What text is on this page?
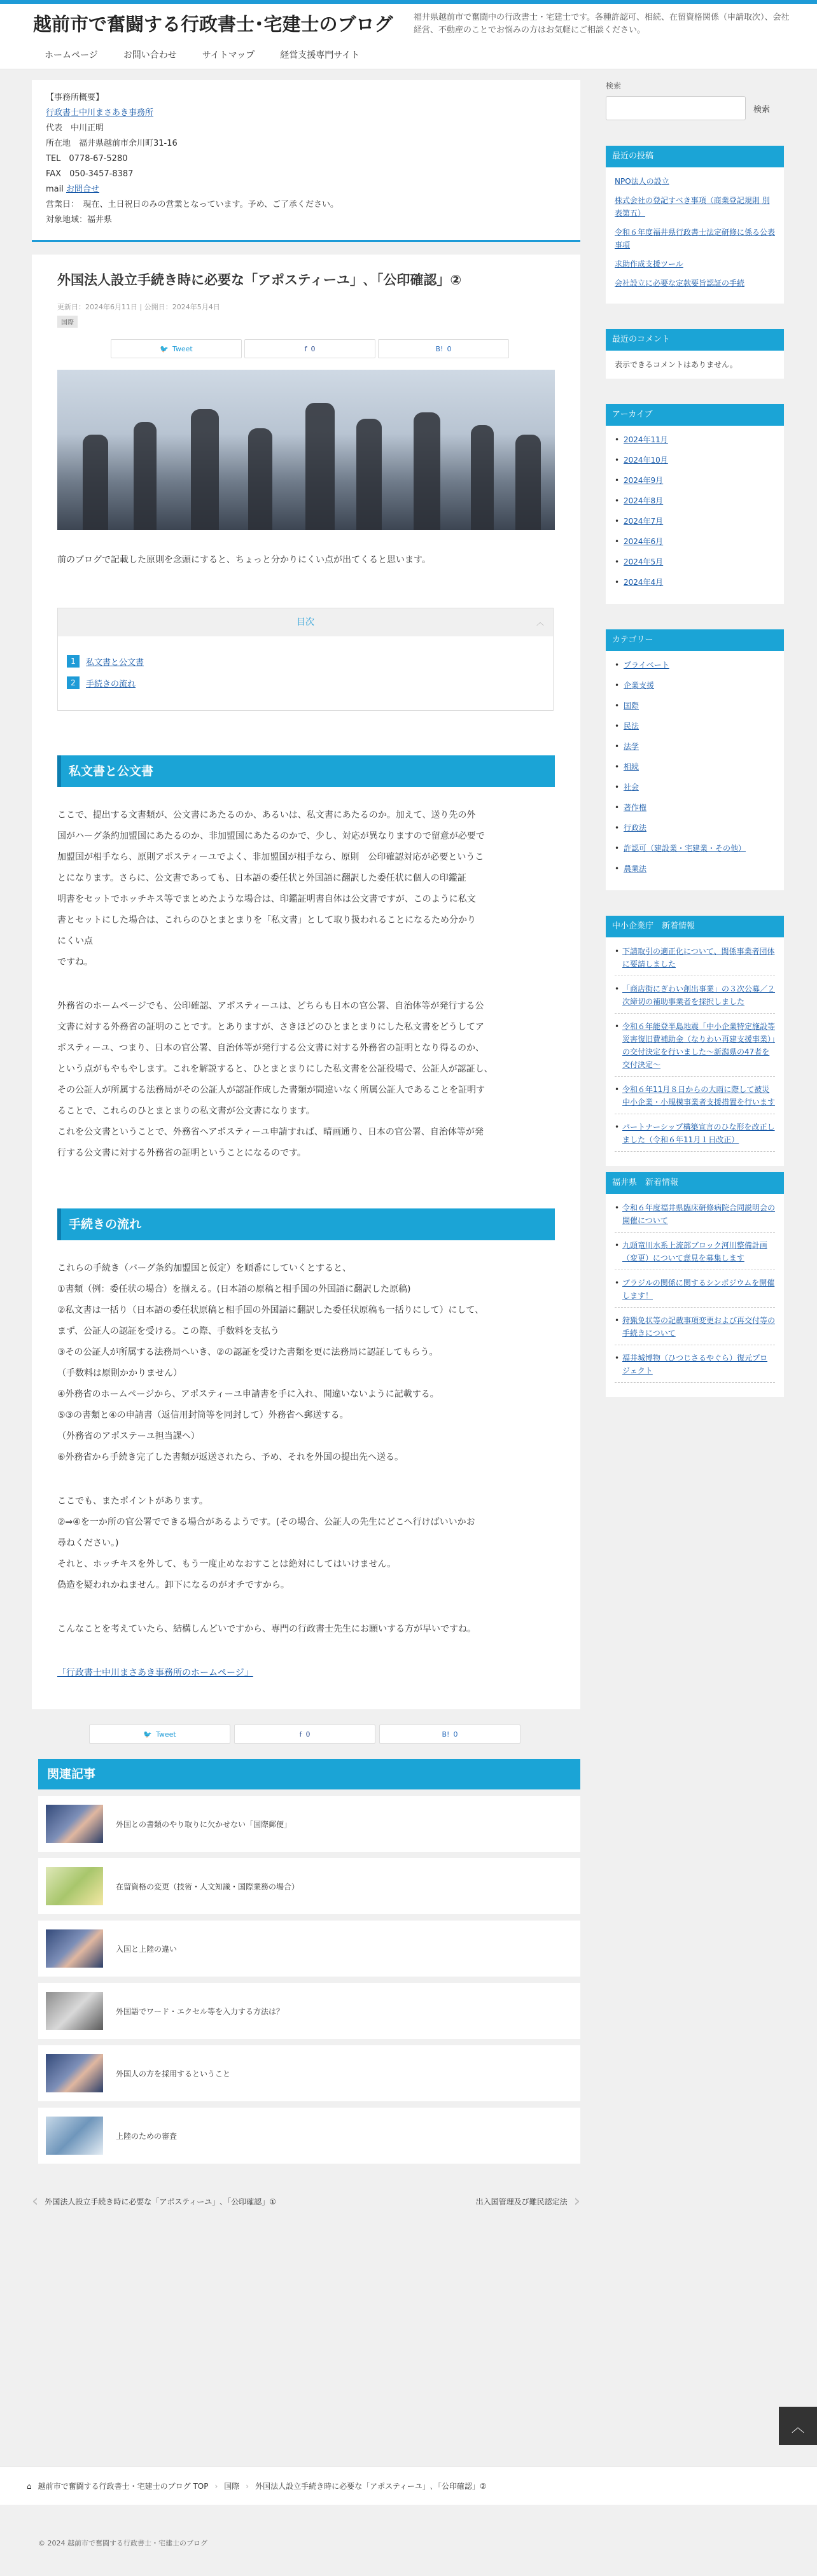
越前市で奮闘する行政書士･宅建士のブログ 福井県越前市で奮闘中の行政書士・宅建士です。各種許認可、相続、在留資格関係（申請取次）、会社経営、不動産のことでお悩みの方はお気軽にご相談ください。
ホームページ	お問い合わせ	サイトマップ	経営支援専門サイト
【事務所概要】
行政書士中川まさあき事務所
代表　中川正明
所在地　福井県越前市余川町31-16
TEL　0778-67-5280
FAX　050-3457-8387
mail お問合せ
営業日：　現在、土日祝日のみの営業となっています。予め、ご了承ください。
対象地域：福井県
外国法人設立手続き時に必要な「アポスティーユ」､「公印確認」②
更新日：2024年6月11日 | 公開日：2024年5月4日
国際
🐦 Tweet	f 0	B! 0
前のブログで記載した原則を念頭にすると、ちょっと分かりにくい点が出てくると思います。
目次	︿
1	私文書と公文書
2	手続きの流れ
私文書と公文書

ここで、提出する文書類が、公文書にあたるのか、あるいは、私文書にあたるのか。加えて、送り先の外
国がハーグ条約加盟国にあたるのか、非加盟国にあたるのかで、少し、対応が異なりますので留意が必要で
加盟国が相手なら、原則アポスティーユでよく、非加盟国が相手なら、原則　公印確認対応が必要というこ
とになります。さらに、公文書であっても、日本語の委任状と外国語に翻訳した委任状に個人の印鑑証
明書をセットでホッチキス等でまとめたような場合は、印鑑証明書自体は公文書ですが、このように私文
書とセットにした場合は、これらのひとまとまりを「私文書」として取り扱われることになるため分かり
にくい点
ですね。

外務省のホームページでも、公印確認、アポスティーユは、どちらも日本の官公署、自治体等が発行する公
文書に対する外務省の証明のことです。とありますが、さきほどのひとまとまりにした私文書をどうしてア
ポスティーユ、つまり、日本の官公署、自治体等が発行する公文書に対する外務省の証明となり得るのか、
という点がもやもやします。これを解説すると、ひとまとまりにした私文書を公証役場で、公証人が認証し、
その公証人が所属する法務局がその公証人が認証作成した書類が間違いなく所属公証人であることを証明す
ることで、これらのひとまとまりの私文書が公文書になります。
これを公文書ということで、外務省へアポスティーユ申請すれば、晴画通り、日本の官公署、自治体等が発
行する公文書に対する外務省の証明ということになるのです。

手続きの流れ

これらの手続き（バーグ条約加盟国と仮定）を順番にしていくとすると、
①書類（例：委任状の場合）を揃える。(日本語の原稿と相手国の外国語に翻訳した原稿)
②私文書は一括り（日本語の委任状原稿と相手国の外国語に翻訳した委任状原稿も一括りにして）にして、
まず、公証人の認証を受ける。この際、手数料を支払う
③その公証人が所属する法務局へいき、②の認証を受けた書類を更に法務局に認証してもらう。
（手数料は原則かかりません）
④外務省のホームページから、アポスティーユ申請書を手に入れ、間違いないように記載する。
⑤③の書類と④の申請書（返信用封筒等を同封して）外務省へ郵送する。
（外務省のアポステーユ担当課へ）
⑥外務省から手続き完了した書類が返送されたら、予め、それを外国の提出先へ送る。

ここでも、またポイントがあります。
②⇒④を一か所の官公署でできる場合があるようです。(その場合、公証人の先生にどこへ行けばいいかお
尋ねください。)
それと、ホッチキスを外して、もう一度止めなおすことは絶対にしてはいけません。
偽造を疑われかねません。卸下になるのがオチですから。

こんなことを考えていたら、結構しんどいですから、専門の行政書士先生にお願いする方が早いですね。

「行政書士中川まさあき事務所のホームページ」

🐦 Tweet	f 0	B! 0
関連記事
外国との書類のやり取りに欠かせない「国際郵便」
在留資格の変更（技術・人文知識・国際業務の場合）
入国と上陸の違い
外国語でワード・エクセル等を入力する方法は？
外国人の方を採用するということ
上陸のための審査
‹ 外国法人設立手続き時に必要な「アポスティーユ」､「公印確認」①	出入国管理及び難民認定法 ›
検索
検索
最近の投稿
NPO法人の設立
株式会社の登記すべき事項（商業登記規則 別表第五）
令和６年度福井県行政書士法定研修に係る公表事項
求助作成支援ツール
会社設立に必要な定款要旨認証の手続
最近のコメント
表示できるコメントはありません。
アーカイブ
• 2024年11月
• 2024年10月
• 2024年9月
• 2024年8月
• 2024年7月
• 2024年6月
• 2024年5月
• 2024年4月
カテゴリー
• プライベート
• 企業支援
• 国際
• 民法
• 法学
• 相続
• 社会
• 著作権
• 行政法
• 許認可（建設業・宅建業・その他）
• 農業法
中小企業庁　新着情報
• 下請取引の適正化について、関係事業者団体に要請しました
• 「商店街にぎわい創出事業」の３次公募／２次締切の補助事業者を採択しました
• 令和６年能登半島地震「中小企業特定施設等災害復旧費補助金（なりわい再建支援事業）」の交付決定を行いました～新潟県の47者を交付決定～
• 令和６年11月８日からの大雨に際して被災中小企業・小規模事業者支援措置を行います
• パートナーシップ構築宣言のひな形を改正しました（令和６年11月１日改正）
福井県　新着情報
• 令和６年度福井県臨床研修病院合同説明会の開催について
• 九頭竜川水系上流部ブロック河川整備計画（変更）について意見を募集します
• ブラジルの関係に関するシンポジウムを開催します！
• 狩猟免状等の記載事項変更および再交付等の手続きについて
• 福井城博物（ひつじさるやぐら）復元プロジェクト
︿
⌂ 越前市で奮闘する行政書士・宅建士のブログ TOP › 国際 › 外国法人設立手続き時に必要な「アポスティーユ」､「公印確認」②
© 2024 越前市で奮闘する行政書士・宅建士のブログ
